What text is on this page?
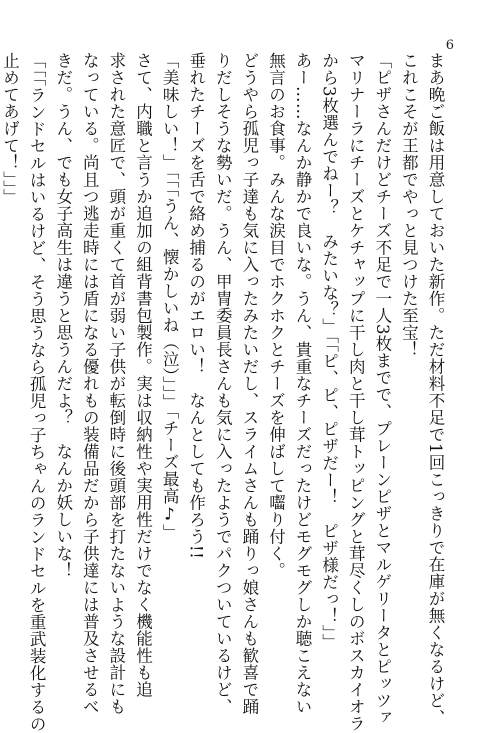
6
まあ晩ご飯は用意しておいた新作。ただ材料不足で1回こっきりで在庫が無くなるけど、
これこそが王都でやっと見つけた至宝！
「ピザさんだけどチーズ不足で一人3枚までで、プレーンピザとマルゲリータとピッツァ
マリナーラにチーズとケチャップに干し肉と干し茸トッピングと茸尽くしのボスカイオラ
から3枚選んでねー？　みたいな？」「「ピ、ピ、ピザだー！　ピザ様だっ！」」
あー……なんか静かで良いな。うん、貴重なチーズだったけどモグモグしか聴こえない
無言のお食事。みんな涙目でホクホクとチーズを伸ばして囓り付く。
どうやら孤児っ子達も気に入ったみたいだし、スライムさんも踊りっ娘さんも歓喜で踊
りだしそうな勢いだ。うん、甲冑委員長さんも気に入ったようでパクついているけど、
垂れたチーズを舌で絡め捕るのがエロい！　なんとしても作ろう!!
「美味しい！」「「「うん、懐かしいね（泣）」」」「チーズ最高♪」
さて、内職と言うか追加の組背書包製作。実は収納性や実用性だけでなく機能性も追
求された意匠で、頭が重くて首が弱い子供が転倒時に後頭部を打たないような設計にも
なっている。尚且つ逃走時には盾になる優れもの装備品だから子供達には普及させるべ
きだ。うん、でも女子高生は違うと思うんだよ？　なんか妖しいな！
「「「ランドセルはいるけど、そう思うなら孤児っ子ちゃんのランドセルを重武装化するの
止めてあげて！」」」
